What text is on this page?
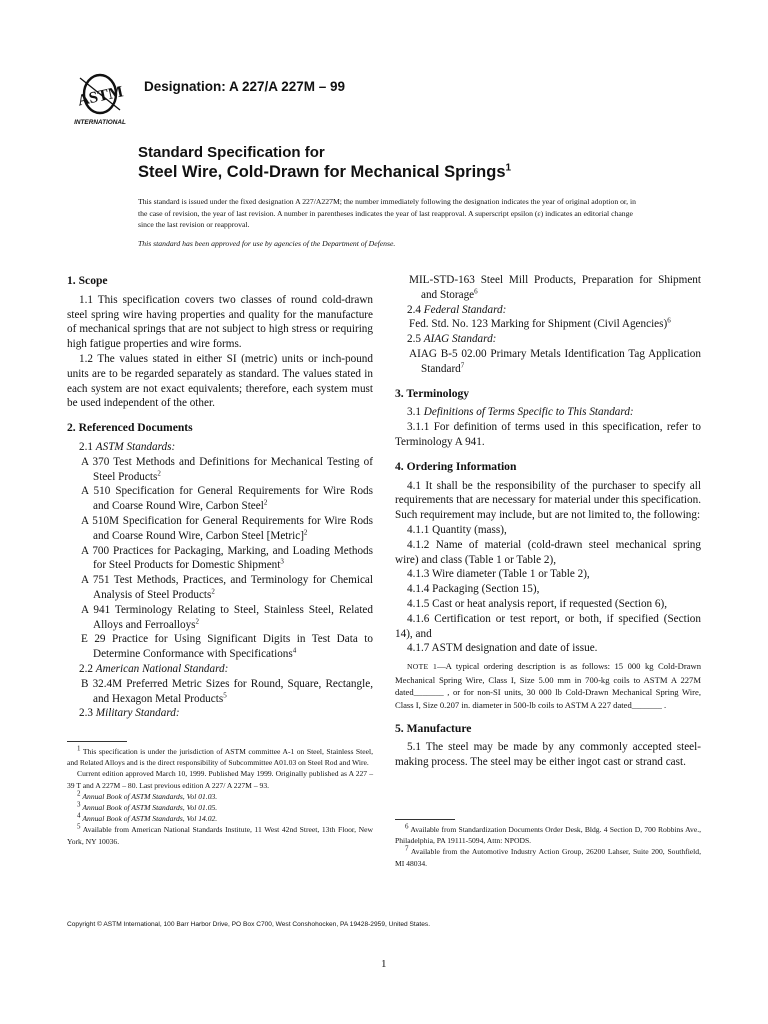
ASTM
INTERNATIONAL
Designation: A 227/A 227M – 99
Standard Specification for
Steel Wire, Cold-Drawn for Mechanical Springs$^1$
This standard is issued under the fixed designation A 227/A227M; the number immediately following the designation indicates the year of original adoption or, in the case of revision, the year of last revision. A number in parentheses indicates the year of last reapproval. A superscript epsilon (ε) indicates an editorial change since the last revision or reapproval.
This standard has been approved for use by agencies of the Department of Defense.
1. Scope

1.1 This specification covers two classes of round cold-drawn steel spring wire having properties and quality for the manufacture of mechanical springs that are not subject to high stress or requiring high fatigue properties and wire forms.

1.2 The values stated in either SI (metric) units or inch-pound units are to be regarded separately as standard. The values stated in each system are not exact equivalents; therefore, each system must be used independent of the other.

2. Referenced Documents

2.1 ASTM Standards:

A 370 Test Methods and Definitions for Mechanical Testing of Steel Products$^2$

A 510 Specification for General Requirements for Wire Rods and Coarse Round Wire, Carbon Steel$^2$

A 510M Specification for General Requirements for Wire Rods and Coarse Round Wire, Carbon Steel [Metric]$^2$

A 700 Practices for Packaging, Marking, and Loading Methods for Steel Products for Domestic Shipment$^3$

A 751 Test Methods, Practices, and Terminology for Chemical Analysis of Steel Products$^2$

A 941 Terminology Relating to Steel, Stainless Steel, Related Alloys and Ferroalloys$^2$

E 29 Practice for Using Significant Digits in Test Data to Determine Conformance with Specifications$^4$

2.2 American National Standard:

B 32.4M Preferred Metric Sizes for Round, Square, Rectangle, and Hexagon Metal Products$^5$

2.3 Military Standard:

$^1$ This specification is under the jurisdiction of ASTM committee A-1 on Steel, Stainless Steel, and Related Alloys and is the direct responsibility of Subcommittee A01.03 on Steel Rod and Wire.

Current edition approved March 10, 1999. Published May 1999. Originally published as A 227 – 39 T and A 227M – 80. Last previous edition A 227/ A 227M – 93.

$^2$ Annual Book of ASTM Standards, Vol 01.03.

$^3$ Annual Book of ASTM Standards, Vol 01.05.

$^4$ Annual Book of ASTM Standards, Vol 14.02.

$^5$ Available from American National Standards Institute, 11 West 42nd Street, 13th Floor, New York, NY 10036.

MIL-STD-163 Steel Mill Products, Preparation for Shipment and Storage$^6$

2.4 Federal Standard:

Fed. Std. No. 123 Marking for Shipment (Civil Agencies)$^6$

2.5 AIAG Standard:

AIAG B-5 02.00 Primary Metals Identification Tag Application Standard$^7$

3. Terminology

3.1 Definitions of Terms Specific to This Standard:

3.1.1 For definition of terms used in this specification, refer to Terminology A 941.

4. Ordering Information

4.1 It shall be the responsibility of the purchaser to specify all requirements that are necessary for material under this specification. Such requirement may include, but are not limited to, the following:

4.1.1 Quantity (mass),

4.1.2 Name of material (cold-drawn steel mechanical spring wire) and class (Table 1 or Table 2),

4.1.3 Wire diameter (Table 1 or Table 2),

4.1.4 Packaging (Section 15),

4.1.5 Cast or heat analysis report, if requested (Section 6),

4.1.6 Certification or test report, or both, if specified (Section 14), and

4.1.7 ASTM designation and date of issue.

NOTE 1—A typical ordering description is as follows: 15 000 kg Cold-Drawn Mechanical Spring Wire, Class I, Size 5.00 mm in 700-kg coils to ASTM A 227M dated_______ , or for non-SI units, 30 000 lb Cold-Drawn Mechanical Spring Wire, Class I, Size 0.207 in. diameter in 500-lb coils to ASTM A 227 dated_______ .

5. Manufacture

5.1 The steel may be made by any commonly accepted steel-making process. The steel may be either ingot cast or strand cast.

$^6$ Available from Standardization Documents Order Desk, Bldg. 4 Section D, 700 Robbins Ave., Philadelphia, PA 19111-5094, Attn: NPODS.

$^7$ Available from the Automotive Industry Action Group, 26200 Lahser, Suite 200, Southfield, MI 48034.

Copyright © ASTM International, 100 Barr Harbor Drive, PO Box C700, West Conshohocken, PA 19428-2959, United States.
1
